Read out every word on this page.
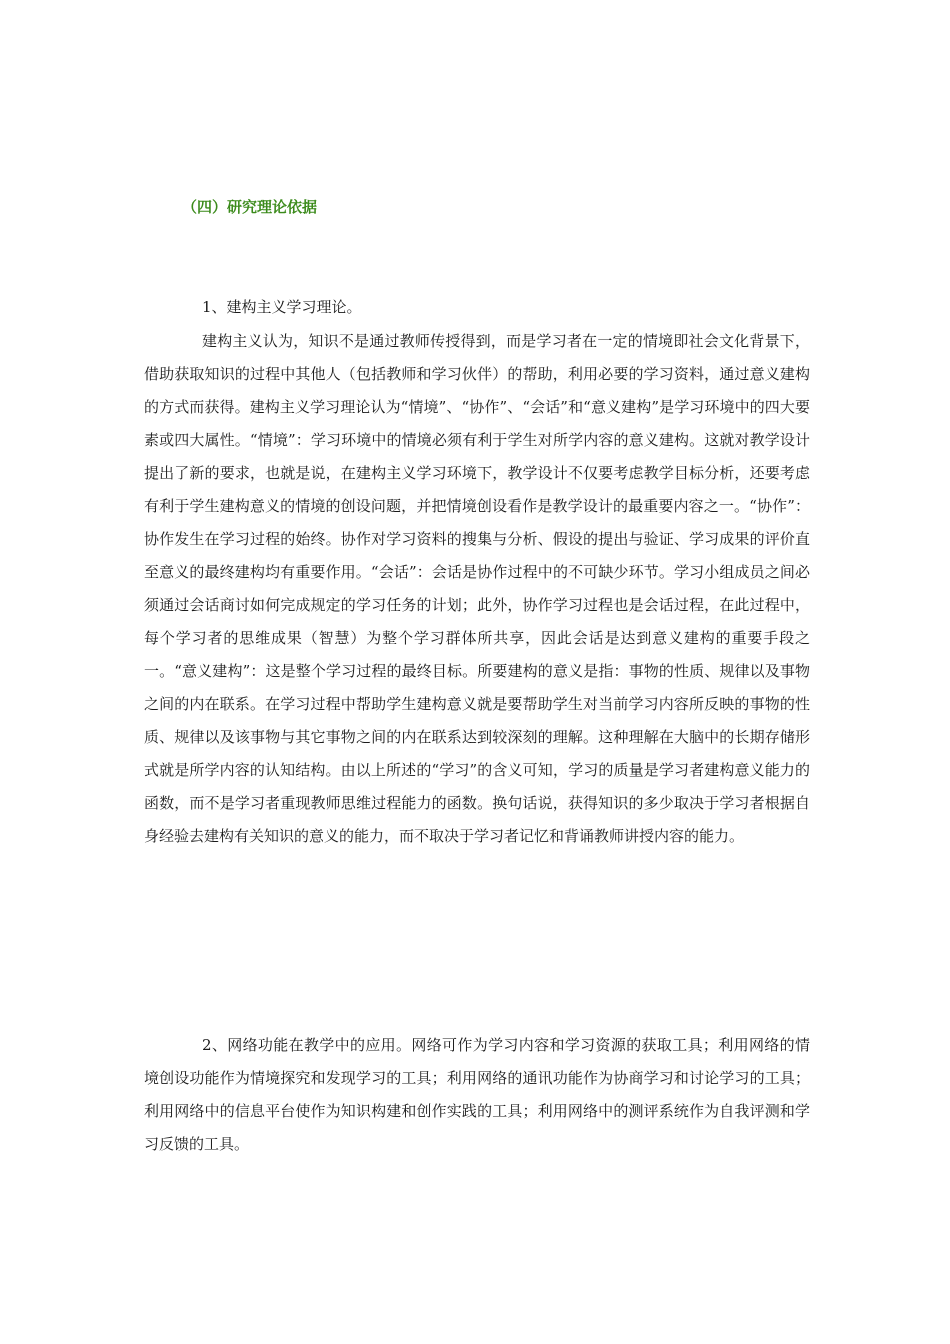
（四）研究理论依据

1、建构主义学习理论。

建构主义认为，知识不是通过教师传授得到，而是学习者在一定的情境即社会文化背景下，借助获取知识的过程中其他人（包括教师和学习伙伴）的帮助，利用必要的学习资料，通过意义建构的方式而获得。建构主义学习理论认为“情境”、“协作”、“会话”和“意义建构”是学习环境中的四大要素或四大属性。“情境”：学习环境中的情境必须有利于学生对所学内容的意义建构。这就对教学设计提出了新的要求，也就是说，在建构主义学习环境下，教学设计不仅要考虑教学目标分析，还要考虑有利于学生建构意义的情境的创设问题，并把情境创设看作是教学设计的最重要内容之一。“协作”：协作发生在学习过程的始终。协作对学习资料的搜集与分析、假设的提出与验证、学习成果的评价直至意义的最终建构均有重要作用。“会话”：会话是协作过程中的不可缺少环节。学习小组成员之间必须通过会话商讨如何完成规定的学习任务的计划；此外，协作学习过程也是会话过程，在此过程中，每个学习者的思维成果（智慧）为整个学习群体所共享，因此会话是达到意义建构的重要手段之一。“意义建构”：这是整个学习过程的最终目标。所要建构的意义是指：事物的性质、规律以及事物之间的内在联系。在学习过程中帮助学生建构意义就是要帮助学生对当前学习内容所反映的事物的性质、规律以及该事物与其它事物之间的内在联系达到较深刻的理解。这种理解在大脑中的长期存储形式就是所学内容的认知结构。由以上所述的“学习”的含义可知，学习的质量是学习者建构意义能力的函数，而不是学习者重现教师思维过程能力的函数。换句话说，获得知识的多少取决于学习者根据自身经验去建构有关知识的意义的能力，而不取决于学习者记忆和背诵教师讲授内容的能力。

2、网络功能在教学中的应用。网络可作为学习内容和学习资源的获取工具；利用网络的情境创设功能作为情境探究和发现学习的工具；利用网络的通讯功能作为协商学习和讨论学习的工具；利用网络中的信息平台使作为知识构建和创作实践的工具；利用网络中的测评系统作为自我评测和学习反馈的工具。
